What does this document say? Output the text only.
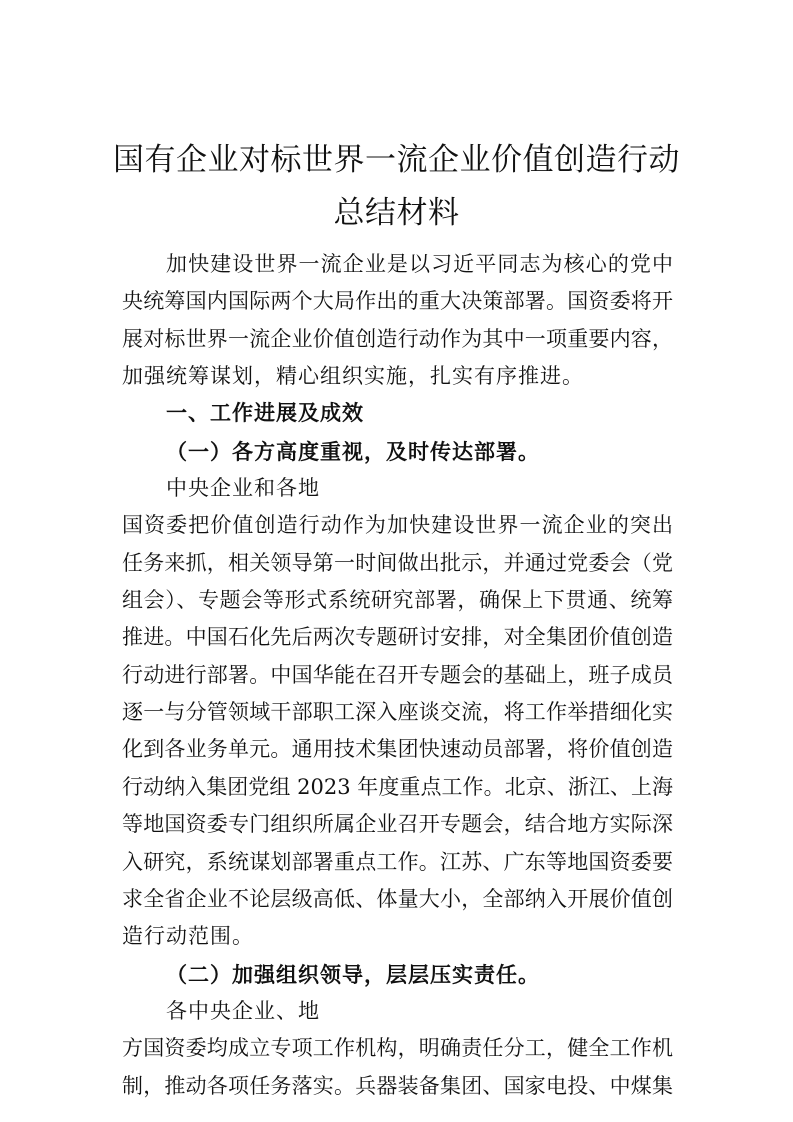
国有企业对标世界一流企业价值创造行动
总结材料
加快建设世界一流企业是以习近平同志为核心的党中
央统筹国内国际两个大局作出的重大决策部署。国资委将开
展对标世界一流企业价值创造行动作为其中一项重要内容，
加强统筹谋划，精心组织实施，扎实有序推进。
一、工作进展及成效
（一）各方高度重视，及时传达部署。
中央企业和各地
国资委把价值创造行动作为加快建设世界一流企业的突出
任务来抓，相关领导第一时间做出批示，并通过党委会（党
组会）、专题会等形式系统研究部署，确保上下贯通、统筹
推进。中国石化先后两次专题研讨安排，对全集团价值创造
行动进行部署。中国华能在召开专题会的基础上，班子成员
逐一与分管领域干部职工深入座谈交流，将工作举措细化实
化到各业务单元。通用技术集团快速动员部署，将价值创造
行动纳入集团党组 2023 年度重点工作。北京、浙江、上海
等地国资委专门组织所属企业召开专题会，结合地方实际深
入研究，系统谋划部署重点工作。江苏、广东等地国资委要
求全省企业不论层级高低、体量大小，全部纳入开展价值创
造行动范围。
（二）加强组织领导，层层压实责任。
各中央企业、地
方国资委均成立专项工作机构，明确责任分工，健全工作机
制，推动各项任务落实。兵器装备集团、国家电投、中煤集
